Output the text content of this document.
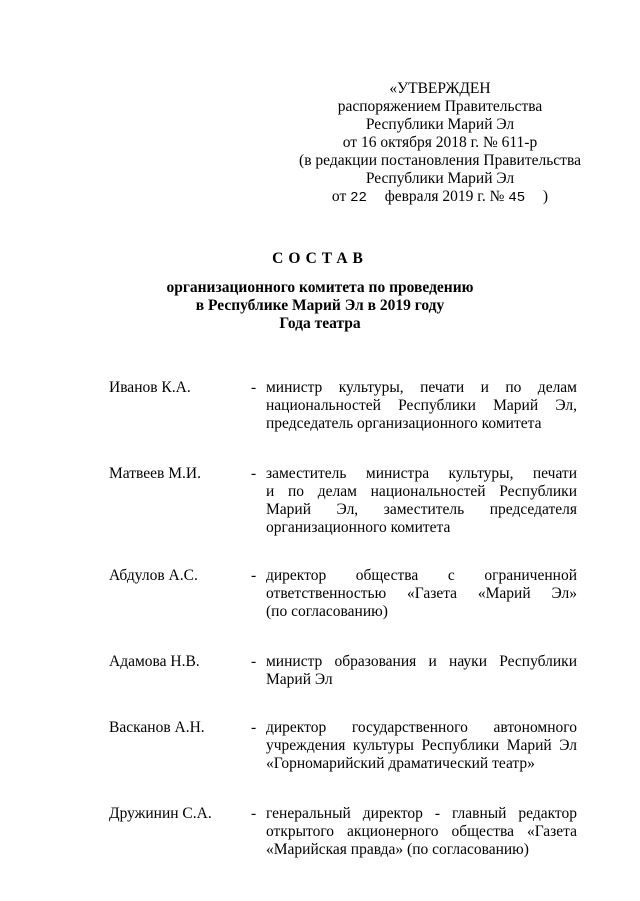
«УТВЕРЖДЕН
распоряжением Правительства
Республики Марий Эл
от 16 октября 2018 г. № 611-р
(в редакции постановления Правительства
Республики Марий Эл
от 22 февраля 2019 г. № 45 )
СОСТАВ
организационного комитета по проведению
в Республике Марий Эл в 2019 году
Года театра
Иванов К.А.	- министр культуры, печати и по делам
национальностей Республики Марий Эл,
председатель организационного комитета
Матвеев М.И.	- заместитель министра культуры, печати
и по делам национальностей Республики
Марий Эл, заместитель председателя
организационного комитета
Абдулов А.С.	- директор общества с ограниченной
ответственностью «Газета «Марий Эл»
(по согласованию)
Адамова Н.В.	- министр образования и науки Республики
Марий Эл
Васканов А.Н.	- директор государственного автономного
учреждения культуры Республики Марий Эл
«Горномарийский драматический театр»
Дружинин С.А.	- генеральный директор - главный редактор
открытого акционерного общества «Газета
«Марийская правда» (по согласованию)
